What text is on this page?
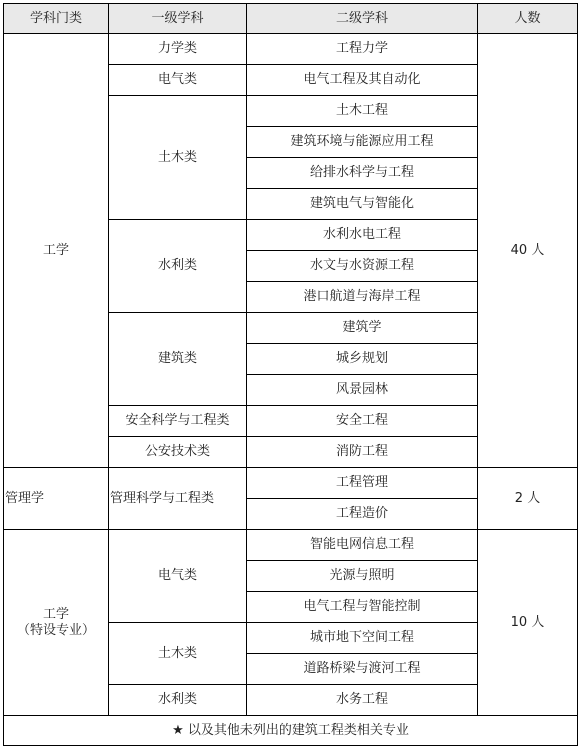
学科门类	一级学科	二级学科	人数
工学	力学类	工程力学	40 人
	电气类	电气工程及其自动化	
	土木类	土木工程	
		建筑环境与能源应用工程	
		给排水科学与工程	
		建筑电气与智能化	
	水利类	水利水电工程	
		水文与水资源工程	
		港口航道与海岸工程	
	建筑类	建筑学	
		城乡规划	
		风景园林	
	安全科学与工程类	安全工程	
	公安技术类	消防工程	
管理学	管理科学与工程类	工程管理	2 人
		工程造价	

工学
（特设专业）	电气类	智能电网信息工程	10 人
		光源与照明	
		电气工程与智能控制	
	土木类	城市地下空间工程	
		道路桥梁与渡河工程	
	水利类	水务工程	
★ 以及其他未列出的建筑工程类相关专业			
